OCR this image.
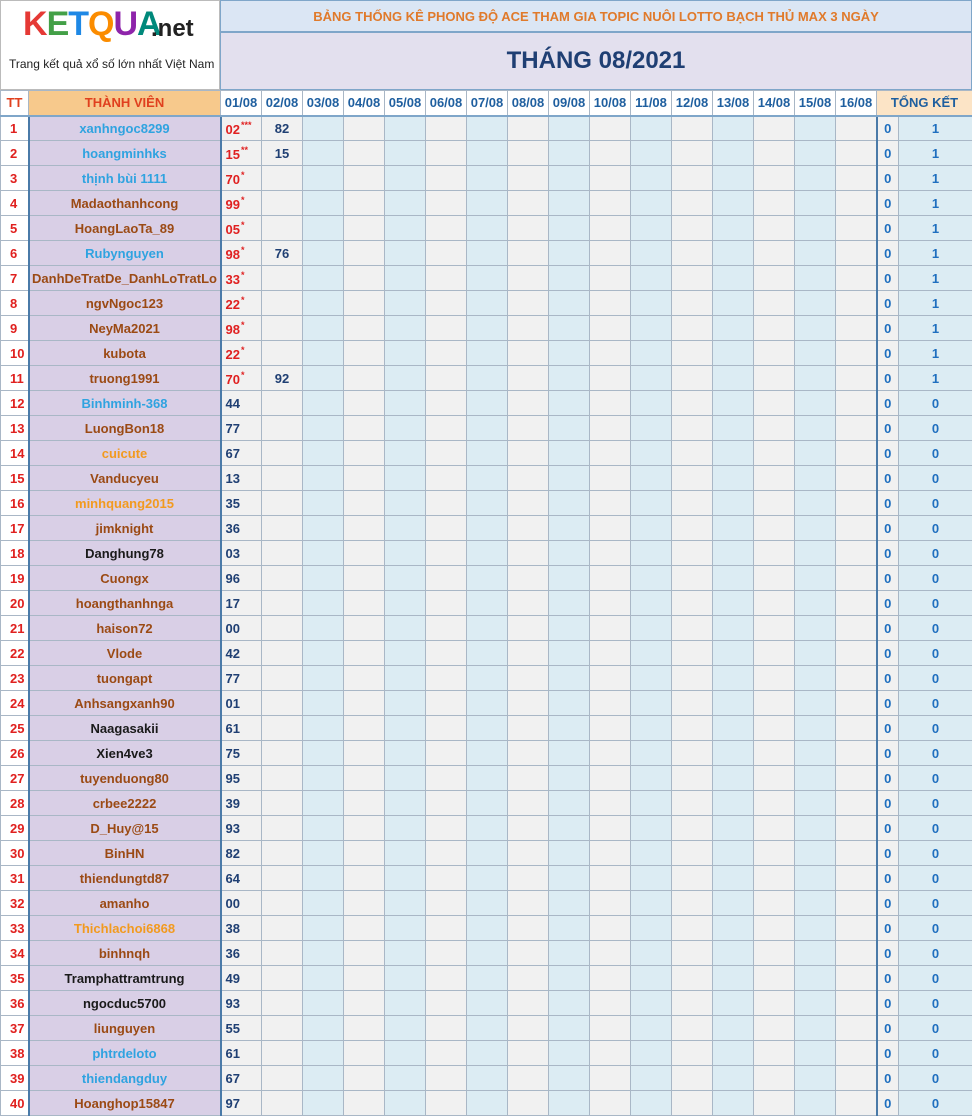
KETQUA
.net
Trang kết quả xổ số lớn nhất Việt Nam
BẢNG THỐNG KÊ PHONG ĐỘ ACE THAM GIA TOPIC NUÔI LOTTO BẠCH THỦ MAX 3 NGÀY
THÁNG 08/2021
TT	THÀNH VIÊN	01/08	02/08	03/08	04/08	05/08	06/08	07/08	08/08	09/08	10/08	11/08	12/08	13/08	14/08	15/08	16/08	TỔNG KẾT	
1	xanhngoc8299	02***	82															0	1
2	hoangminhks	15**	15															0	1
3	thịnh bùi 1111	70*																0	1
4	Madaothanhcong	99*																0	1
5	HoangLaoTa_89	05*																0	1
6	Rubynguyen	98*	76															0	1
7	DanhDeTratDe_DanhLoTratLo	33*																0	1
8	ngvNgoc123	22*																0	1
9	NeyMa2021	98*																0	1
10	kubota	22*																0	1
11	truong1991	70*	92															0	1
12	Binhminh-368	44																0	0
13	LuongBon18	77																0	0
14	cuicute	67																0	0
15	Vanducyeu	13																0	0
16	minhquang2015	35																0	0
17	jimknight	36																0	0
18	Danghung78	03																0	0
19	Cuongx	96																0	0
20	hoangthanhnga	17																0	0
21	haison72	00																0	0
22	Vlode	42																0	0
23	tuongapt	77																0	0
24	Anhsangxanh90	01																0	0
25	Naagasakii	61																0	0
26	Xien4ve3	75																0	0
27	tuyenduong80	95																0	0
28	crbee2222	39																0	0
29	D_Huy@15	93																0	0
30	BinHN	82																0	0
31	thiendungtd87	64																0	0
32	amanho	00																0	0
33	Thichlachoi6868	38																0	0
34	binhnqh	36																0	0
35	Tramphattramtrung	49																0	0
36	ngocduc5700	93																0	0
37	liunguyen	55																0	0
38	phtrdeloto	61																0	0
39	thiendangduy	67																0	0
40	Hoanghop15847	97																0	0
